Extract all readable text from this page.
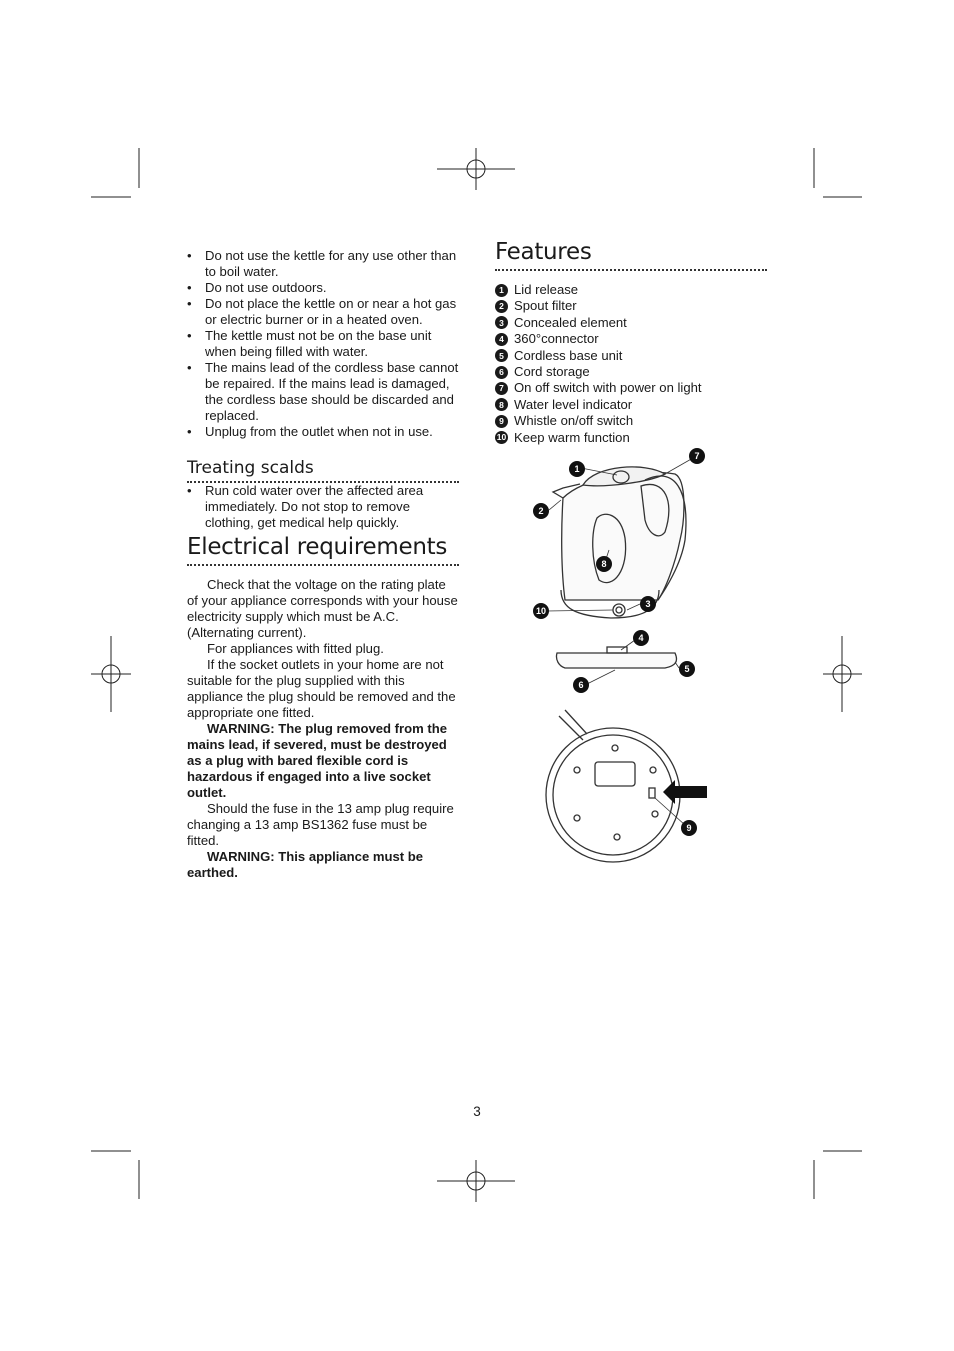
• Do not use the kettle for any use other than to boil water.
• Do not use outdoors.
• Do not place the kettle on or near a hot gas or electric burner or in a heated oven.
• The kettle must not be on the base unit when being filled with water.
• The mains lead of the cordless base cannot be repaired. If the mains lead is damaged, the cordless base should be discarded and replaced.
• Unplug from the outlet when not in use.
Treating scalds
• Run cold water over the affected area immediately. Do not stop to remove clothing, get medical help quickly.
Electrical requirements

Check that the voltage on the rating plate of your appliance corresponds with your house electricity supply which must be A.C. (Alternating current).

For appliances with fitted plug.

If the socket outlets in your home are not suitable for the plug supplied with this appliance the plug should be removed and the appropriate one fitted.

WARNING: The plug removed from the mains lead, if severed, must be destroyed as a plug with bared flexible cord is hazardous if engaged into a live socket outlet.

Should the fuse in the 13 amp plug require changing a 13 amp BS1362 fuse must be fitted.

WARNING: This appliance must be earthed.

Features
1 Lid release
2 Spout filter
3 Concealed element
4 360°connector
5 Cordless base unit
6 Cord storage
7 On off switch with power on light
8 Water level indicator
9 Whistle on/off switch
10 Keep warm function
1
7
2
8
3
10
4
5
6
9
3
